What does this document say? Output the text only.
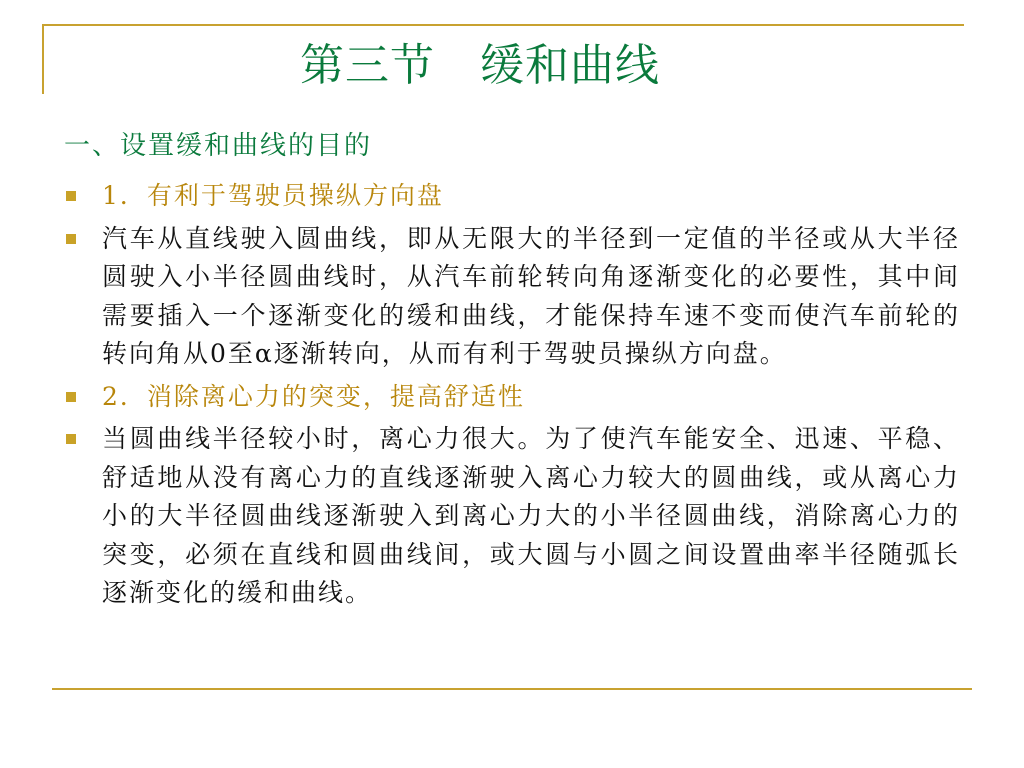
第三节　缓和曲线
一、设置缓和曲线的目的
1．有利于驾驶员操纵方向盘
汽车从直线驶入圆曲线，即从无限大的半径到一定值的半径或从大半径圆驶入小半径圆曲线时，从汽车前轮转向角逐渐变化的必要性，其中间需要插入一个逐渐变化的缓和曲线，才能保持车速不变而使汽车前轮的转向角从0至α逐渐转向，从而有利于驾驶员操纵方向盘。
2．消除离心力的突变，提高舒适性
当圆曲线半径较小时，离心力很大。为了使汽车能安全、迅速、平稳、舒适地从没有离心力的直线逐渐驶入离心力较大的圆曲线，或从离心力小的大半径圆曲线逐渐驶入到离心力大的小半径圆曲线，消除离心力的突变，必须在直线和圆曲线间，或大圆与小圆之间设置曲率半径随弧长逐渐变化的缓和曲线。
